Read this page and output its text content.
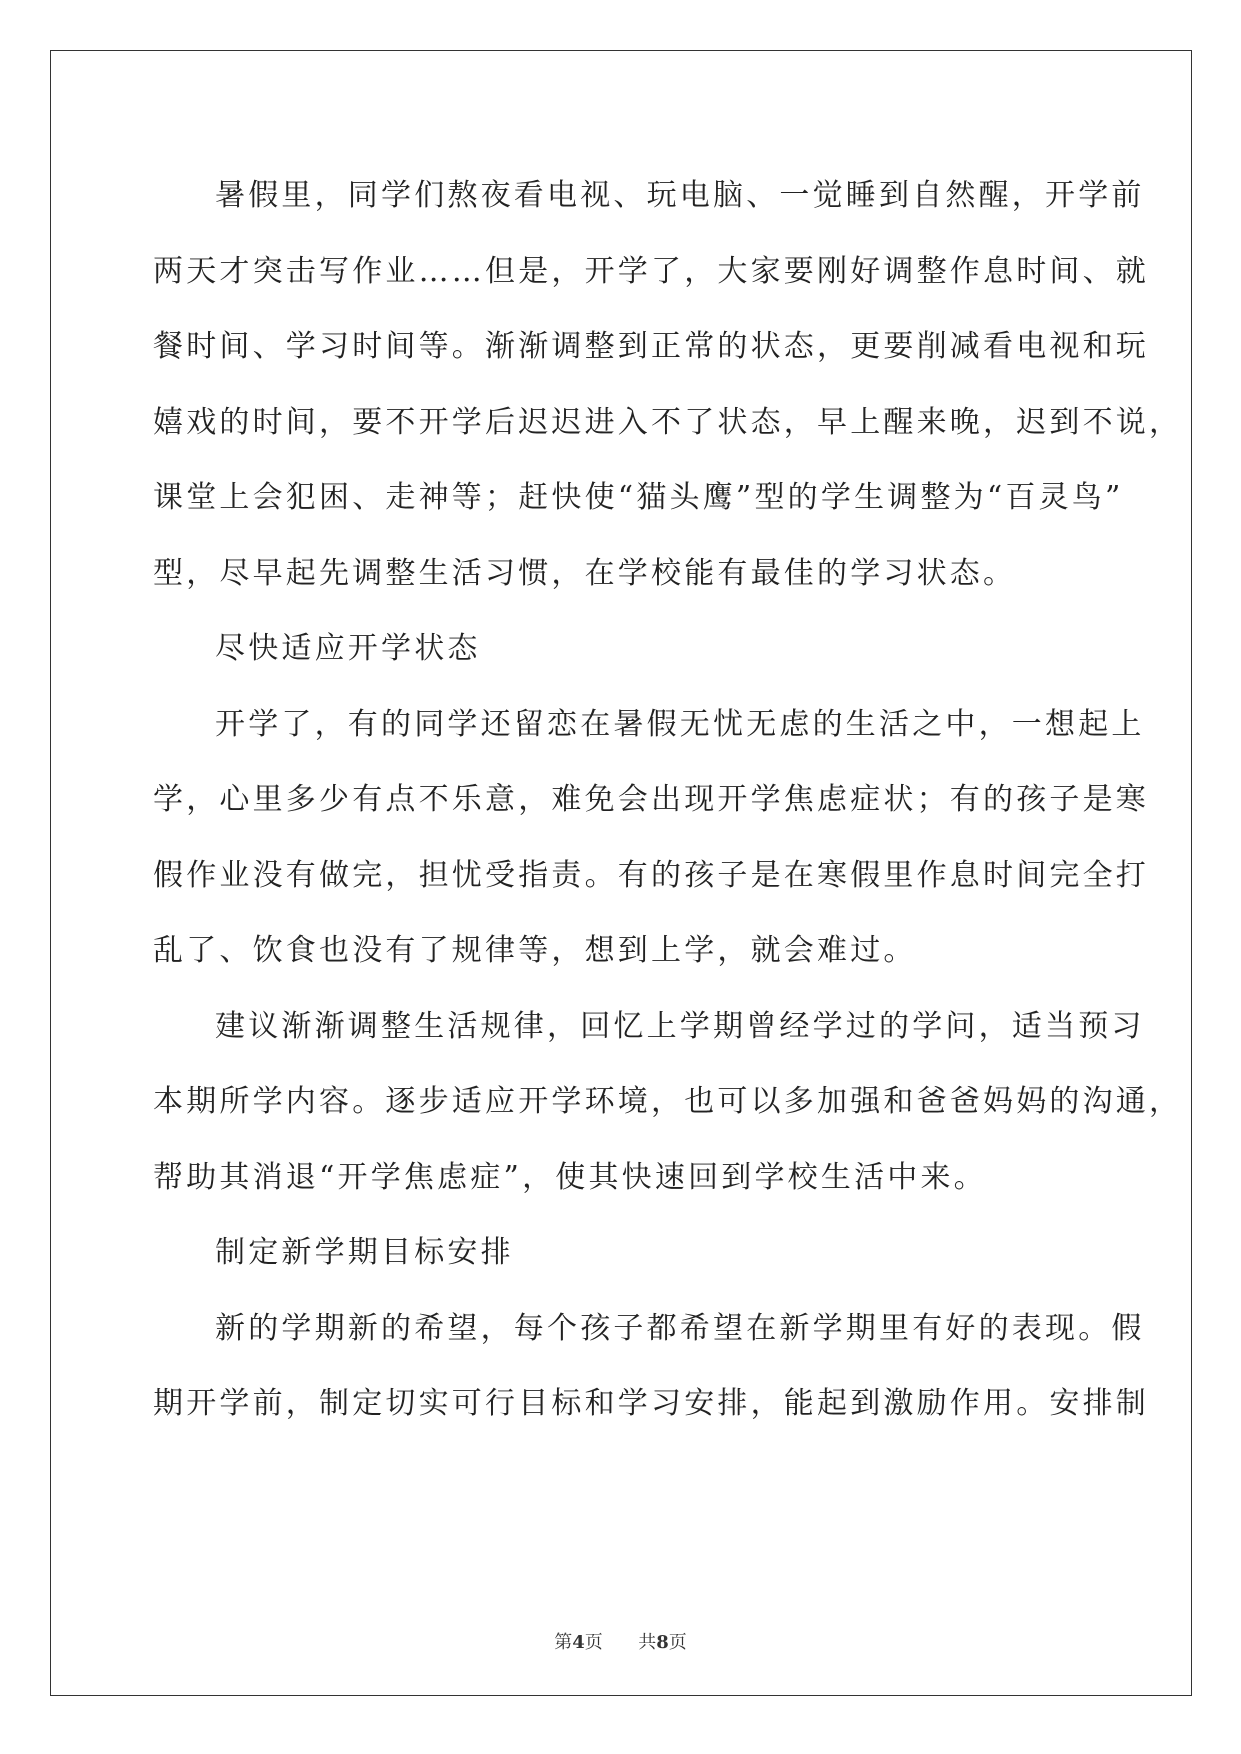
暑假里，同学们熬夜看电视、玩电脑、一觉睡到自然醒，开学前

两天才突击写作业……但是，开学了，大家要刚好调整作息时间、就

餐时间、学习时间等。渐渐调整到正常的状态，更要削减看电视和玩

嬉戏的时间，要不开学后迟迟进入不了状态，早上醒来晚，迟到不说，

课堂上会犯困、走神等；赶快使“猫头鹰”型的学生调整为“百灵鸟”

型，尽早起先调整生活习惯，在学校能有最佳的学习状态。

尽快适应开学状态

开学了，有的同学还留恋在暑假无忧无虑的生活之中，一想起上

学，心里多少有点不乐意，难免会出现开学焦虑症状；有的孩子是寒

假作业没有做完，担忧受指责。有的孩子是在寒假里作息时间完全打

乱了、饮食也没有了规律等，想到上学，就会难过。

建议渐渐调整生活规律，回忆上学期曾经学过的学问，适当预习

本期所学内容。逐步适应开学环境，也可以多加强和爸爸妈妈的沟通，

帮助其消退“开学焦虑症”，使其快速回到学校生活中来。

制定新学期目标安排

新的学期新的希望，每个孩子都希望在新学期里有好的表现。假

期开学前，制定切实可行目标和学习安排，能起到激励作用。安排制

第4页 共8页
